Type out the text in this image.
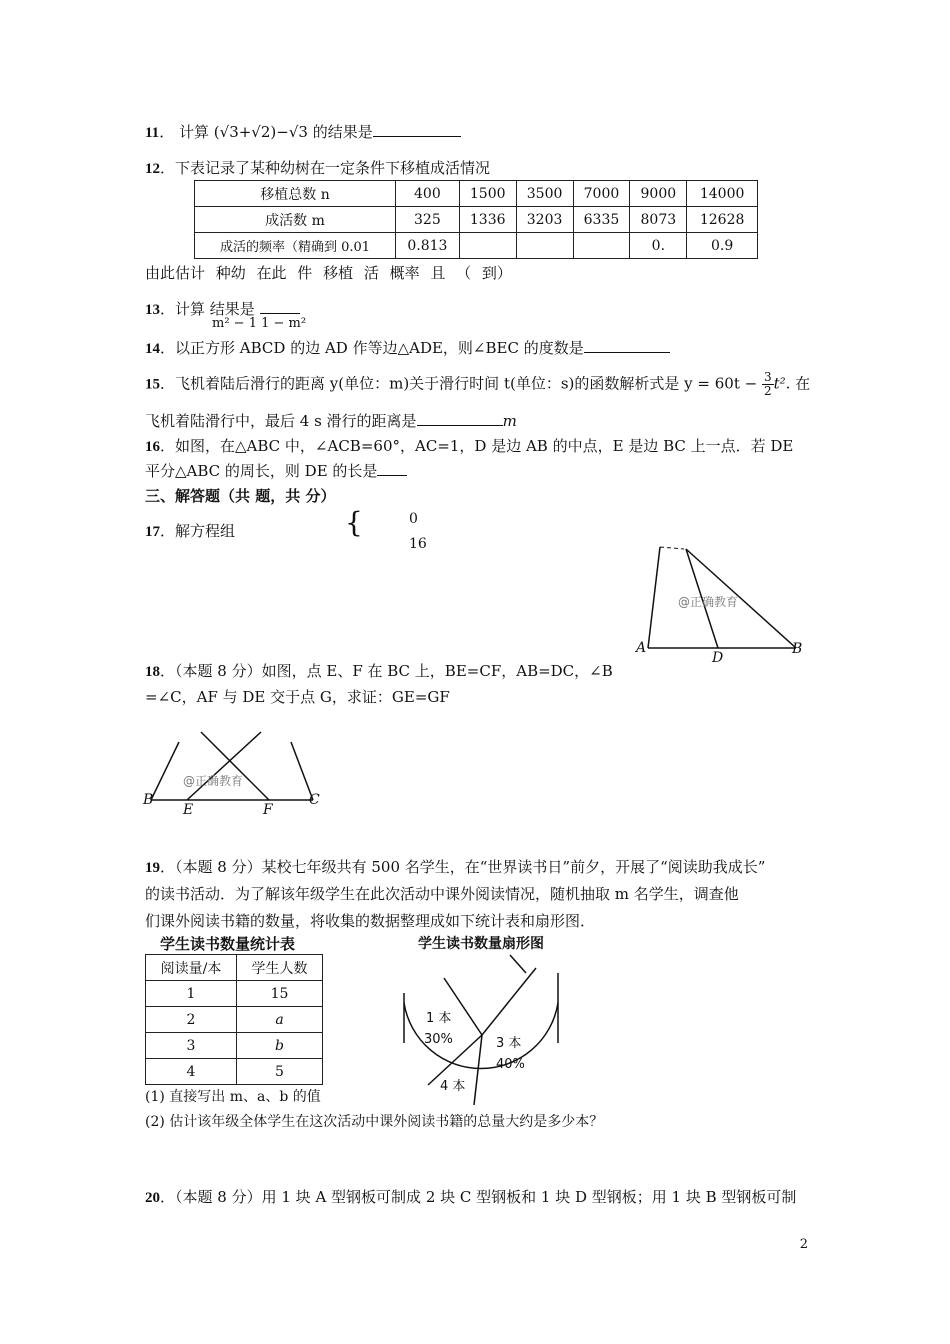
11． 计算 (√3+√2)−√3 的结果是
12．下表记录了某种幼树在一定条件下移植成活情况
移植总数 n	400	1500	3500	7000	9000	14000
成活数 m	325	1336	3203	6335	8073	12628
成活的频率（精确到 0.01	0.813				0.	0.9
由此估计 种幼 在此 件 移植 活 概率 且 （ 到）
13．计算 结果是
m² − 1 1 − m²
14．以正方形 ABCD 的边 AD 作等边△ADE，则∠BEC 的度数是
15．飞机着陆后滑行的距离 y(单位：m)关于滑行时间 t(单位：s)的函数解析式是 $y = 60t - \frac{3}{2} t^2$. 在
飞机着陆滑行中，最后 4 s 滑行的距离是	m
16．如图，在△ABC 中，∠ACB=60°，AC=1，D 是边 AB 的中点，E 是边 BC 上一点．若 DE
平分△ABC 的周长，则 DE 的长是
三、解答题（共 题，共 分）
17．解方程组	{	0
16
A
D
B
@正确教育
18．（本题 8 分）如图，点 E、F 在 BC 上，BE=CF，AB=DC，∠B
=∠C，AF 与 DE 交于点 G，求证：GE=GF
B
E	F
C
@正确教育
19．（本题 8 分）某校七年级共有 500 名学生，在“世界读书日”前夕，开展了“阅读助我成长”
的读书活动．为了解该年级学生在此次活动中课外阅读情况，随机抽取 m 名学生，调查他
们课外阅读书籍的数量，将收集的数据整理成如下统计表和扇形图．
学生读书数量统计表
阅读量/本	学生人数
1	15
2	a
3	b
4	5
学生读书数量扇形图
1 本
30%	3 本
40%
4 本
(1) 直接写出 m、a、b 的值
(2) 估计该年级全体学生在这次活动中课外阅读书籍的总量大约是多少本？
20．（本题 8 分）用 1 块 A 型钢板可制成 2 块 C 型钢板和 1 块 D 型钢板；用 1 块 B 型钢板可制
2
